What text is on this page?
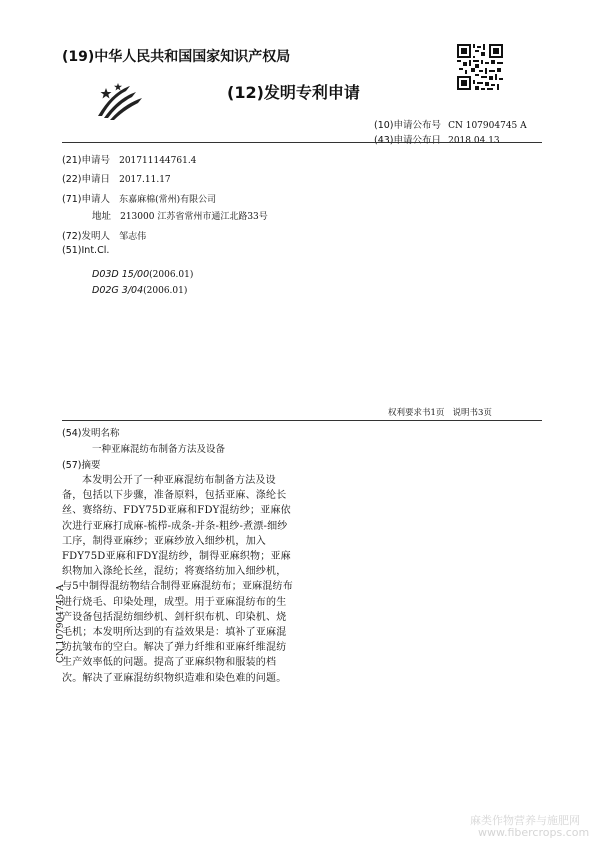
(19)中华人民共和国国家知识产权局
(12)发明专利申请
(10)申请公布号 CN 107904745 A
(43)申请公布日 2018.04.13
(21)申请号 201711144761.4
(22)申请日 2017.11.17
(71)申请人 东嘉麻棉(常州)有限公司
地址 213000 江苏省常州市通江北路33号
(72)发明人 邹志伟
(51)Int.Cl.
D03D 15/00(2006.01)
D02G 3/04(2006.01)
权利要求书1页   说明书3页
(54)发明名称
一种亚麻混纺布制备方法及设备
(57)摘要
本发明公开了一种亚麻混纺布制备方法及设备，包括以下步骤，准备原料，包括亚麻、涤纶长丝、赛络纺、FDY75D亚麻和FDY混纺纱；亚麻依次进行亚麻打成麻-梳栉-成条-并条-粗纱-煮漂-细纱工序，制得亚麻纱；亚麻纱放入细纱机，加入FDY75D亚麻和FDY混纺纱，制得亚麻织物；亚麻织物加入涤纶长丝，混纺；将赛络纺加入细纱机，与5中制得混纺物结合制得亚麻混纺布；亚麻混纺布进行烧毛、印染处理，成型。用于亚麻混纺布的生产设备包括混纺细纱机、剑杆织布机、印染机、烧毛机；本发明所达到的有益效果是：填补了亚麻混纺抗皱布的空白。解决了弹力纤维和亚麻纤维混纺生产效率低的问题。提高了亚麻织物和服装的档次。解决了亚麻混纺织物织造难和染色难的问题。
CN 107904745 A
麻类作物营养与施肥网
www.fibercrops.com
